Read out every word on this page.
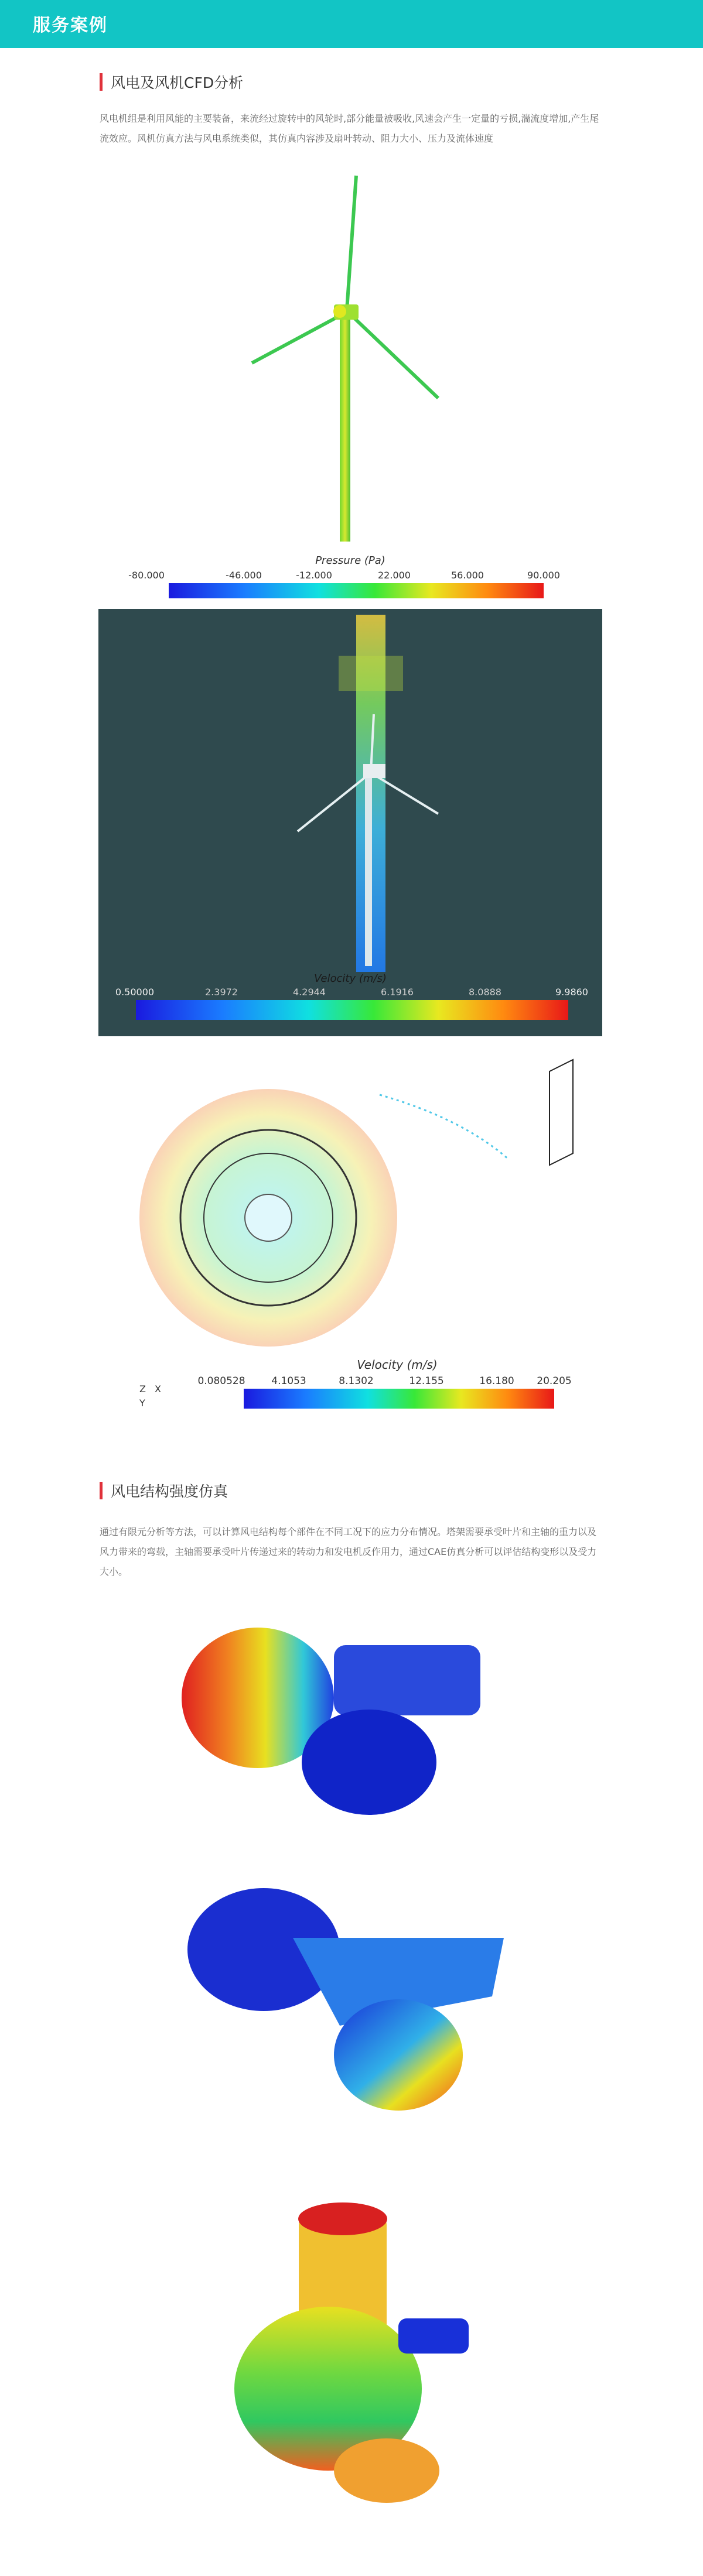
服务案例
风电及风机CFD分析
风电机组是利用风能的主要装备，来流经过旋转中的风轮时,部分能量被吸收,风速会产生一定量的亏损,湍流度增加,产生尾流效应。风机仿真方法与风电系统类似，其仿真内容涉及扇叶转动、阻力大小、压力及流体速度
Pressure (Pa)
-80.000	-46.000	-12.000	22.000	56.000	90.000
Velocity (m/s)
0.50000	2.3972	4.2944	6.1916	8.0888	9.9860
Z X
Y
Velocity (m/s)
0.080528	4.1053	8.1302	12.155	16.180 20.205
风电结构强度仿真
通过有限元分析等方法，可以计算风电结构每个部件在不同工况下的应力分布情况。塔架需要承受叶片和主轴的重力以及风力带来的弯载，主轴需要承受叶片传递过来的转动力和发电机反作用力，通过CAE仿真分析可以评估结构变形以及受力大小。
